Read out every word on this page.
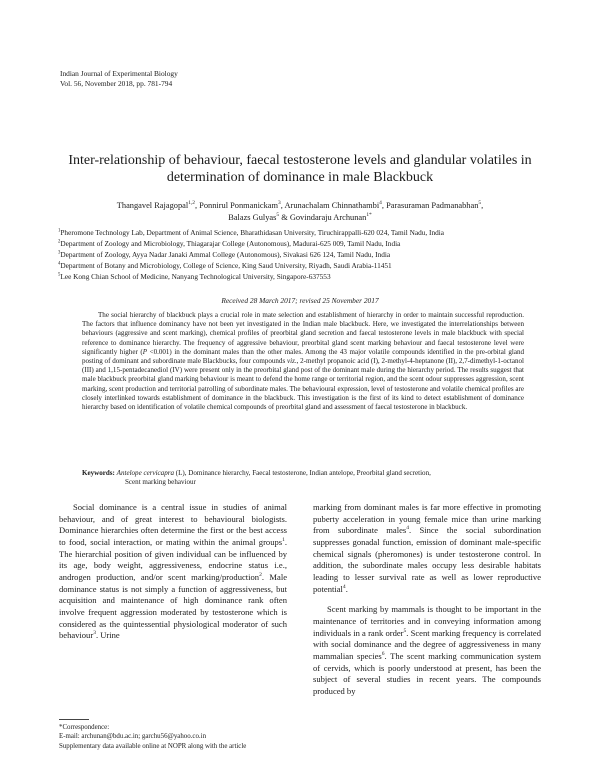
Indian Journal of Experimental Biology
Vol. 56, November 2018, pp. 781-794
Inter-relationship of behaviour, faecal testosterone levels and glandular volatiles in
determination of dominance in male Blackbuck
Thangavel Rajagopal$^{1,2}$, Ponnirul Ponmanickam$^3$, Arunachalam Chinnathambi$^4$, Parasuraman Padmanabhan$^5$,
Balazs Gulyas$^5$ & Govindaraju Archunan$^{1*}$
$^1$Pheromone Technology Lab, Department of Animal Science, Bharathidasan University, Tiruchirappalli-620 024, Tamil Nadu, India
$^2$Department of Zoology and Microbiology, Thiagarajar College (Autonomous), Madurai-625 009, Tamil Nadu, India
$^3$Department of Zoology, Ayya Nadar Janaki Ammal College (Autonomous), Sivakasi 626 124, Tamil Nadu, India
$^4$Department of Botany and Microbiology, College of Science, King Saud University, Riyadh, Saudi Arabia-11451
$^5$Lee Kong Chian School of Medicine, Nanyang Technological University, Singapore-637553
Received 28 March 2017; revised 25 November 2017

The social hierarchy of blackbuck plays a crucial role in mate selection and establishment of hierarchy in order to maintain successful reproduction. The factors that influence dominancy have not been yet investigated in the Indian male blackbuck. Here, we investigated the interrelationships between behaviours (aggressive and scent marking), chemical profiles of preorbital gland secretion and faecal testosterone levels in male blackbuck with special reference to dominance hierarchy. The frequency of aggressive behaviour, preorbital gland scent marking behaviour and faecal testosterone level were significantly higher (P <0.001) in the dominant males than the other males. Among the 43 major volatile compounds identified in the pre-orbital gland posting of dominant and subordinate male Blackbucks, four compounds viz., 2-methyl propanoic acid (I), 2-methyl-4-heptanone (II), 2,7-dimethyl-1-octanol (III) and 1,15-pentadecanediol (IV) were present only in the preorbital gland post of the dominant male during the hierarchy period. The results suggest that male blackbuck preorbital gland marking behaviour is meant to defend the home range or territorial region, and the scent odour suppresses aggression, scent marking, scent production and territorial patrolling of subordinate males. The behavioural expression, level of testosterone and volatile chemical profiles are closely interlinked towards establishment of dominance in the blackbuck. This investigation is the first of its kind to detect establishment of dominance hierarchy based on identification of volatile chemical compounds of preorbital gland and assessment of faecal testosterone in blackbuck.

Keywords: Antelope cervicapra (L), Dominance hierarchy, Faecal testosterone, Indian antelope, Preorbital gland secretion,
Scent marking behaviour

Social dominance is a central issue in studies of animal behaviour, and of great interest to behavioural biologists. Dominance hierarchies often determine the first or the best access to food, social interaction, or mating within the animal groups$^1$. The hierarchial position of given individual can be influenced by its age, body weight, aggressiveness, endocrine status i.e., androgen production, and/or scent marking/production$^2$. Male dominance status is not simply a function of aggressiveness, but acquisition and maintenance of high dominance rank often involve frequent aggression moderated by testosterone which is considered as the quintessential physiological moderator of such behaviour$^3$. Urine

marking from dominant males is far more effective in promoting puberty acceleration in young female mice than urine marking from subordinate males$^4$. Since the social subordination suppresses gonadal function, emission of dominant male-specific chemical signals (pheromones) is under testosterone control. In addition, the subordinate males occupy less desirable habitats leading to lesser survival rate as well as lower reproductive potential$^4$.

Scent marking by mammals is thought to be important in the maintenance of territories and in conveying information among individuals in a rank order$^5$. Scent marking frequency is correlated with social dominance and the degree of aggressiveness in many mammalian species$^6$. The scent marking communication system of cervids, which is poorly understood at present, has been the subject of several studies in recent years. The compounds produced by

*Correspondence:
E-mail: archunan@bdu.ac.in; garchu56@yahoo.co.in
Supplementary data available online at NOPR along with the article
